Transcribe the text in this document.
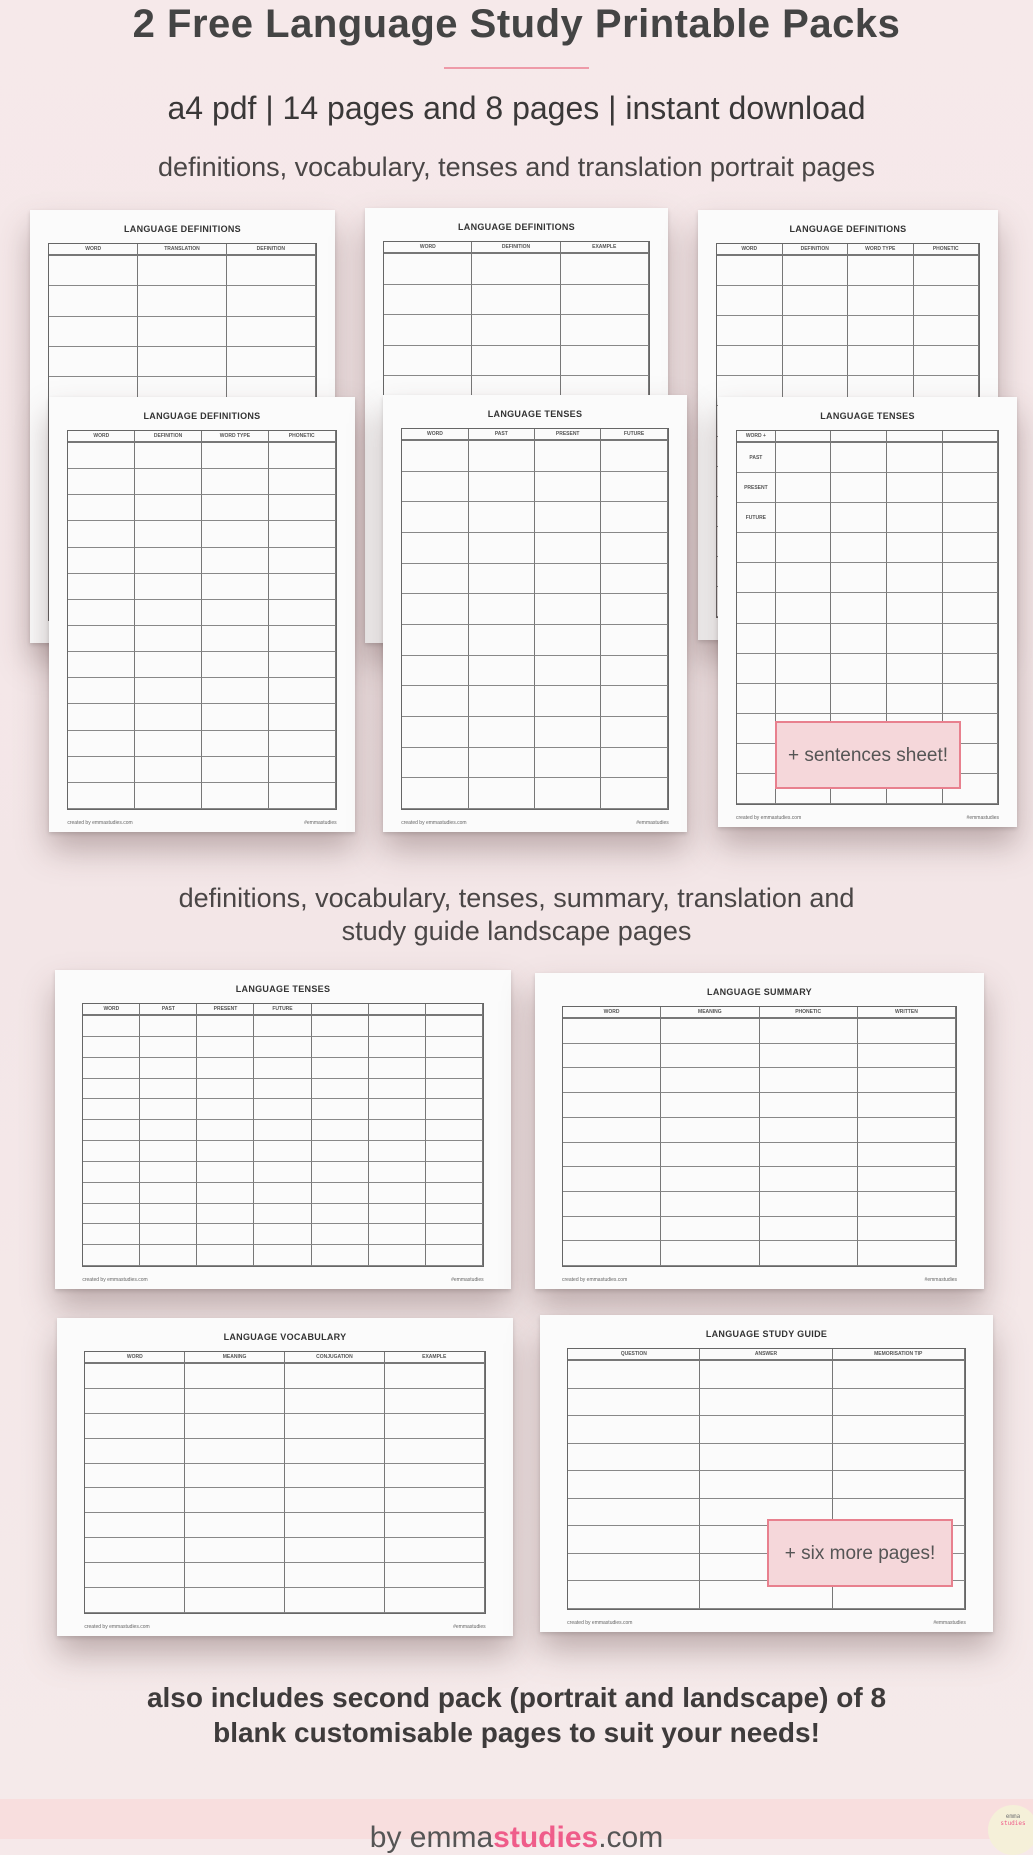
2 Free Language Study Printable Packs
a4 pdf | 14 pages and 8 pages | instant download
definitions, vocabulary, tenses and translation portrait pages
LANGUAGE DEFINITIONS
WORD	TRANSLATION	DEFINITION
LANGUAGE DEFINITIONS
WORD	DEFINITION	EXAMPLE
LANGUAGE DEFINITIONS
WORD	DEFINITION	WORD TYPE	PHONETIC
LANGUAGE DEFINITIONS
WORD	DEFINITION	WORD TYPE	PHONETIC
created by emmastudies.com	#emmastudies
LANGUAGE TENSES
WORD	PAST	PRESENT	FUTURE
created by emmastudies.com	#emmastudies
LANGUAGE TENSES
WORD +
PAST
PRESENT
FUTURE
created by emmastudies.com	#emmastudies
LANGUAGE TENSES
WORD	PAST	PRESENT	FUTURE
created by emmastudies.com	#emmastudies
LANGUAGE SUMMARY
WORD	MEANING	PHONETIC	WRITTEN
created by emmastudies.com	#emmastudies
LANGUAGE VOCABULARY
WORD	MEANING	CONJUGATION	EXAMPLE
created by emmastudies.com	#emmastudies
LANGUAGE STUDY GUIDE
QUESTION	ANSWER	MEMORISATION TIP
created by emmastudies.com	#emmastudies
definitions, vocabulary, tenses, summary, translation and
study guide landscape pages
+ sentences sheet!
+ six more pages!
also includes second pack (portrait and landscape) of 8 blank customisable pages to suit your needs!
by emmastudies.com
emma
studies
